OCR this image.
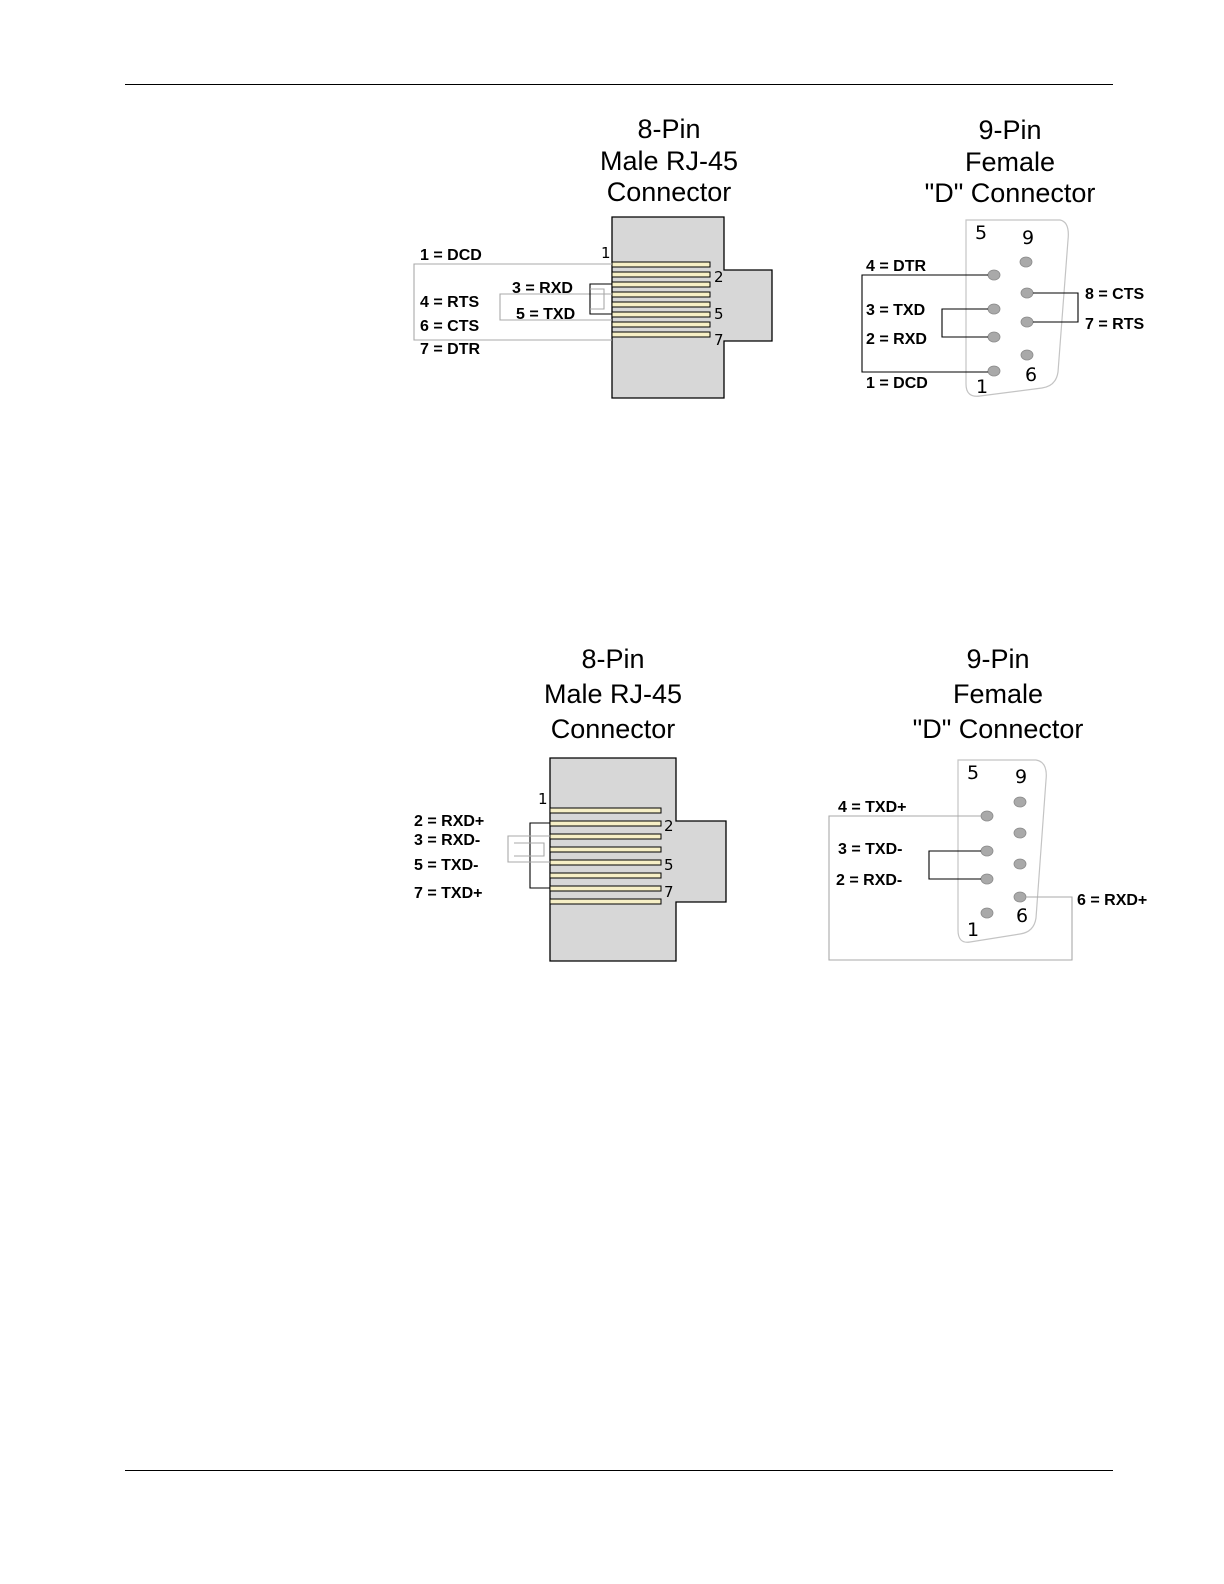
8-Pin
Male RJ-45
Connector
1
2
5
7
1 = DCD
3 = RXD
4 = RTS
5 = TXD
6 = CTS
7 = DTR
9-Pin
Female
"D" Connector
5 9
1
6
4 = DTR
3 = TXD
2 = RXD
1 = DCD
8 = CTS
7 = RTS
8-Pin
Male RJ-45
Connector
1
2
5
7
2 = RXD+
3 = RXD-
5 = TXD-
7 = TXD+
9-Pin
Female
"D" Connector
5 9
1
6
4 = TXD+
3 = TXD-
2 = RXD-
6 = RXD+
